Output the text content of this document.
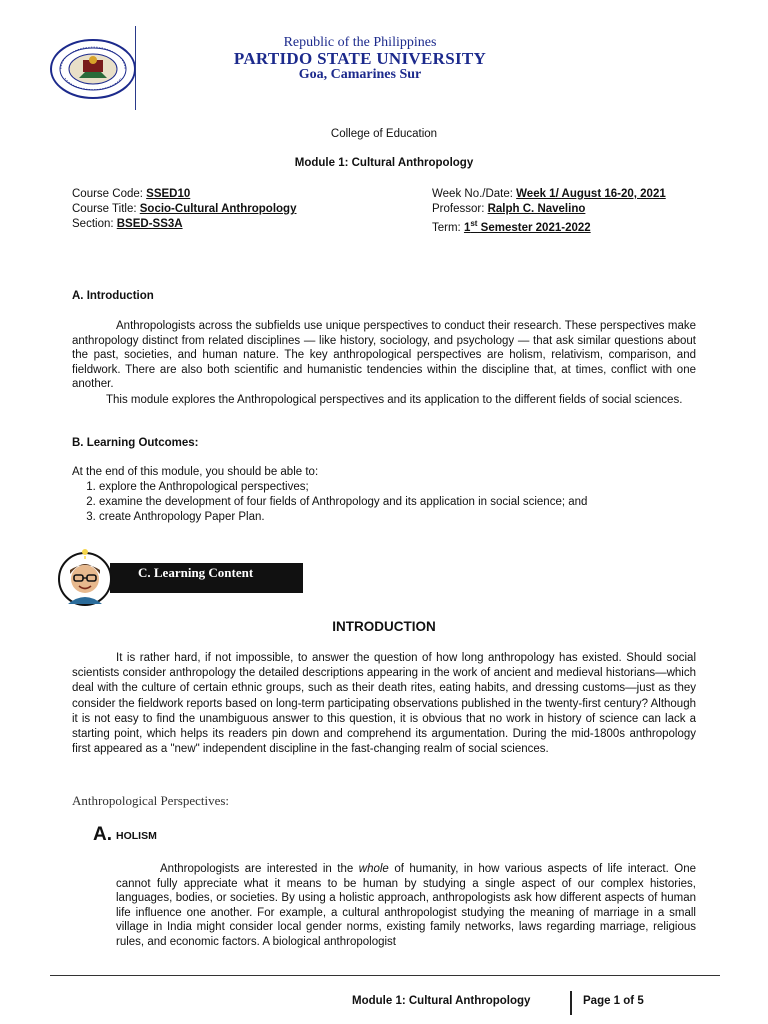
Republic of the Philippines
PARTIDO STATE UNIVERSITY
Goa, Camarines Sur
College of Education
Module 1: Cultural Anthropology
Course Code: SSED10
Course Title: Socio-Cultural Anthropology
Section: BSED-SS3A
Week No./Date: Week 1/ August 16-20, 2021
Professor: Ralph C. Navelino
Term: 1st Semester 2021-2022
A. Introduction
Anthropologists across the subfields use unique perspectives to conduct their research. These perspectives make anthropology distinct from related disciplines — like history, sociology, and psychology — that ask similar questions about the past, societies, and human nature. The key anthropological perspectives are holism, relativism, comparison, and fieldwork. There are also both scientific and humanistic tendencies within the discipline that, at times, conflict with one another.
This module explores the Anthropological perspectives and its application to the different fields of social sciences.
B. Learning Outcomes:
At the end of this module, you should be able to:
1. explore the Anthropological perspectives;
2. examine the development of four fields of Anthropology and its application in social science; and
3. create Anthropology Paper Plan.
C. Learning Content
INTRODUCTION
It is rather hard, if not impossible, to answer the question of how long anthropology has existed. Should social scientists consider anthropology the detailed descriptions appearing in the work of ancient and medieval historians—which deal with the culture of certain ethnic groups, such as their death rites, eating habits, and dressing customs—just as they consider the fieldwork reports based on long-term participating observations published in the twenty-first century? Although it is not easy to find the unambiguous answer to this question, it is obvious that no work in history of science can lack a starting point, which helps its readers pin down and comprehend its argumentation. During the mid-1800s anthropology first appeared as a "new" independent discipline in the fast-changing realm of social sciences.
Anthropological Perspectives:
A. HOLISM
Anthropologists are interested in the whole of humanity, in how various aspects of life interact. One cannot fully appreciate what it means to be human by studying a single aspect of our complex histories, languages, bodies, or societies. By using a holistic approach, anthropologists ask how different aspects of human life influence one another. For example, a cultural anthropologist studying the meaning of marriage in a small village in India might consider local gender norms, existing family networks, laws regarding marriage, religious rules, and economic factors. A biological anthropologist
Module 1: Cultural Anthropology	Page 1 of 5
